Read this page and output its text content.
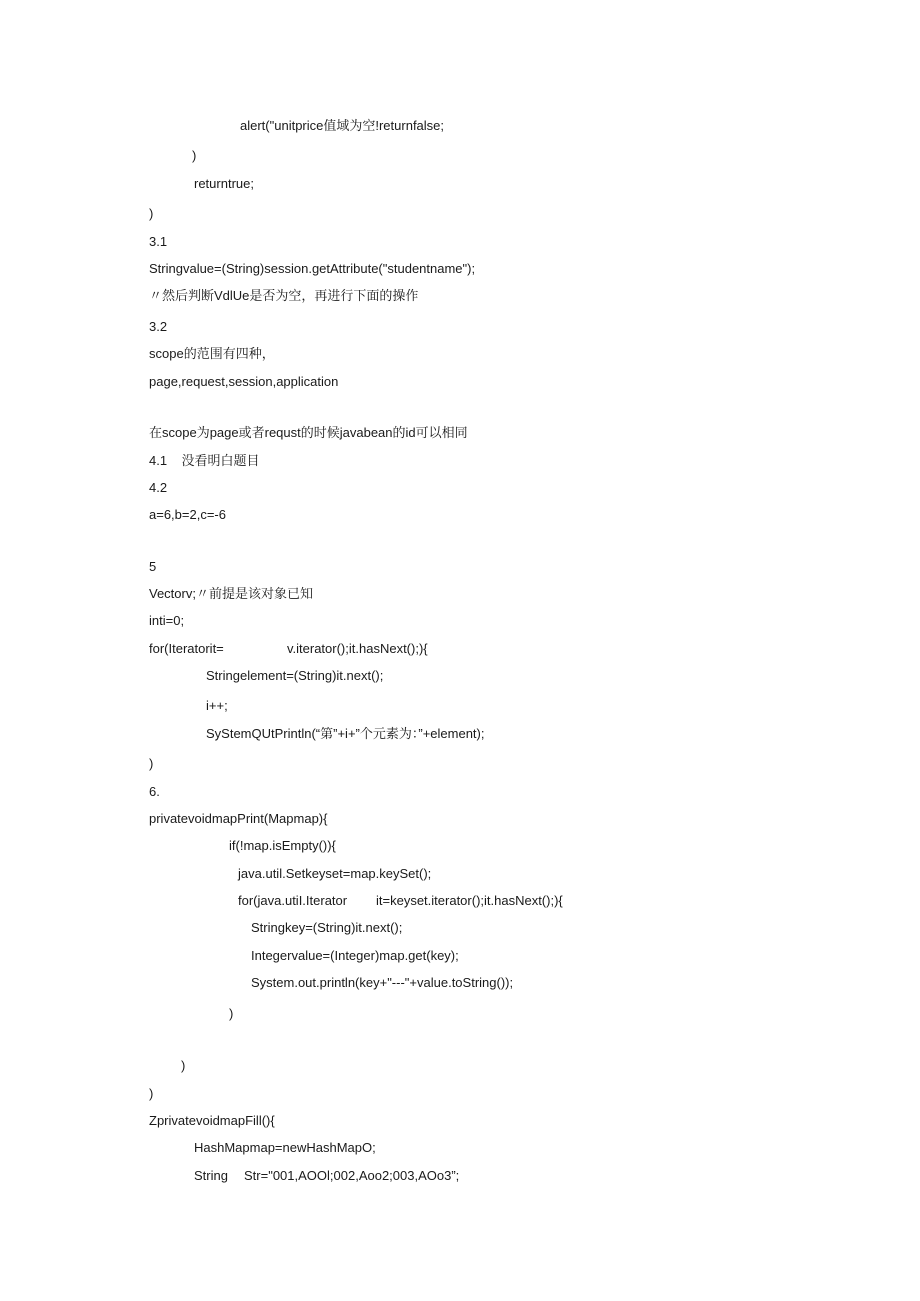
alert("unitprice值域为空!returnfalse;
)
returntrue;
)
3.1
Stringvalue=(String)session.getAttribute("studentname");
〃然后判断VdlUe是否为空，再进行下面的操作
3.2
scope的范围有四种，
page,request,session,application
在scope为page或者requst的时候javabean的id可以相同
4.1    没看明白题目
4.2
a=6,b=2,c=-6
5
Vectorv;〃前提是该对象已知
inti=0;
for(Iteratorit=	v.iterator();it.hasNext();){
Stringelement=(String)it.next();
i++;
SyStemQUtPrintln(“第”+i+”个元素为：”+element);
)
6.
privatevoidmapPrint(Mapmap){
if(!map.isEmpty()){
java.util.Setkeyset=map.keySet();
for(java.utiI.Iterator it=keyset.iterator();it.hasNext();){
Stringkey=(String)it.next();
Integervalue=(Integer)map.get(key);
System.out.println(key+"---"+value.toString());
)
)
)
ZprivatevoidmapFill(){
HashMapmap=newHashMapO;
String Str="001,AOOl;002,Aoo2;003,AOo3”;
